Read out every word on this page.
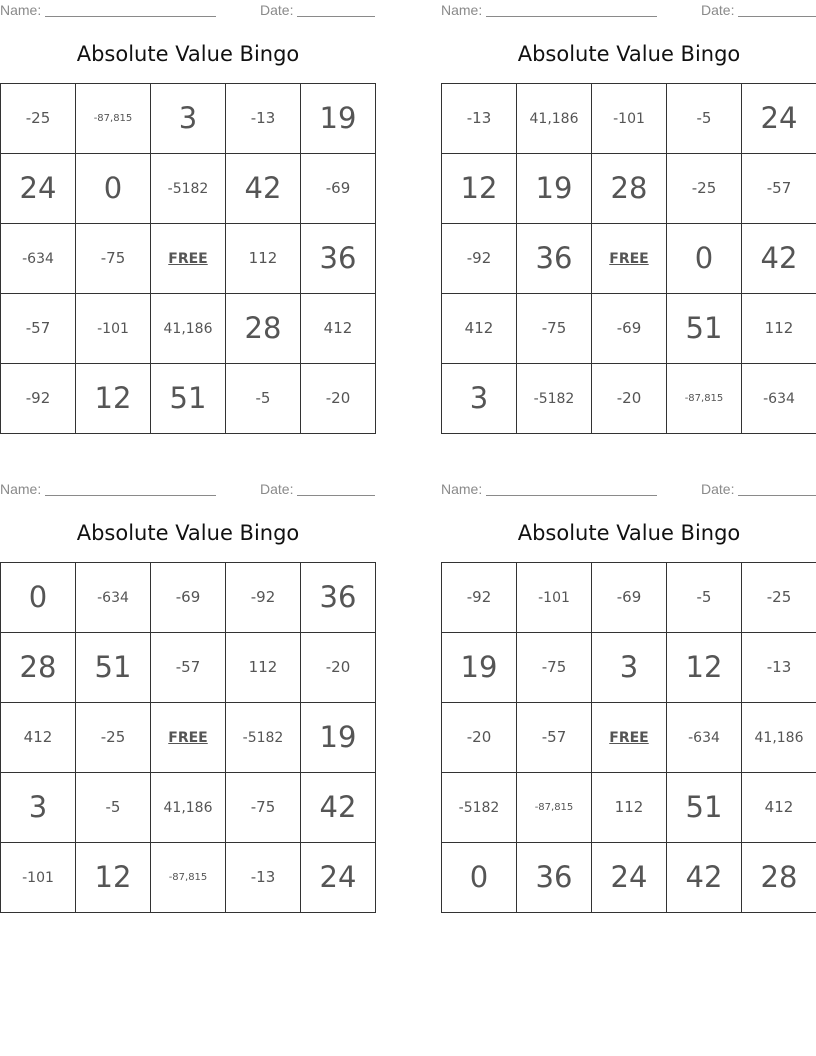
Name:	Date:
Absolute Value Bingo
-25	-87,815	3	-13	19
24	0	-5182	42	-69
-634	-75	FREE	112	36
-57	-101	41,186	28	412
-92	12	51	-5	-20
Name:	Date:
Absolute Value Bingo
-13	41,186	-101	-5	24
12	19	28	-25	-57
-92	36	FREE	0	42
412	-75	-69	51	112
3	-5182	-20	-87,815	-634
Name:	Date:
Absolute Value Bingo
0	-634	-69	-92	36
28	51	-57	112	-20
412	-25	FREE	-5182	19
3	-5	41,186	-75	42
-101	12	-87,815	-13	24
Name:	Date:
Absolute Value Bingo
-92	-101	-69	-5	-25
19	-75	3	12	-13
-20	-57	FREE	-634	41,186
-5182	-87,815	112	51	412
0	36	24	42	28
